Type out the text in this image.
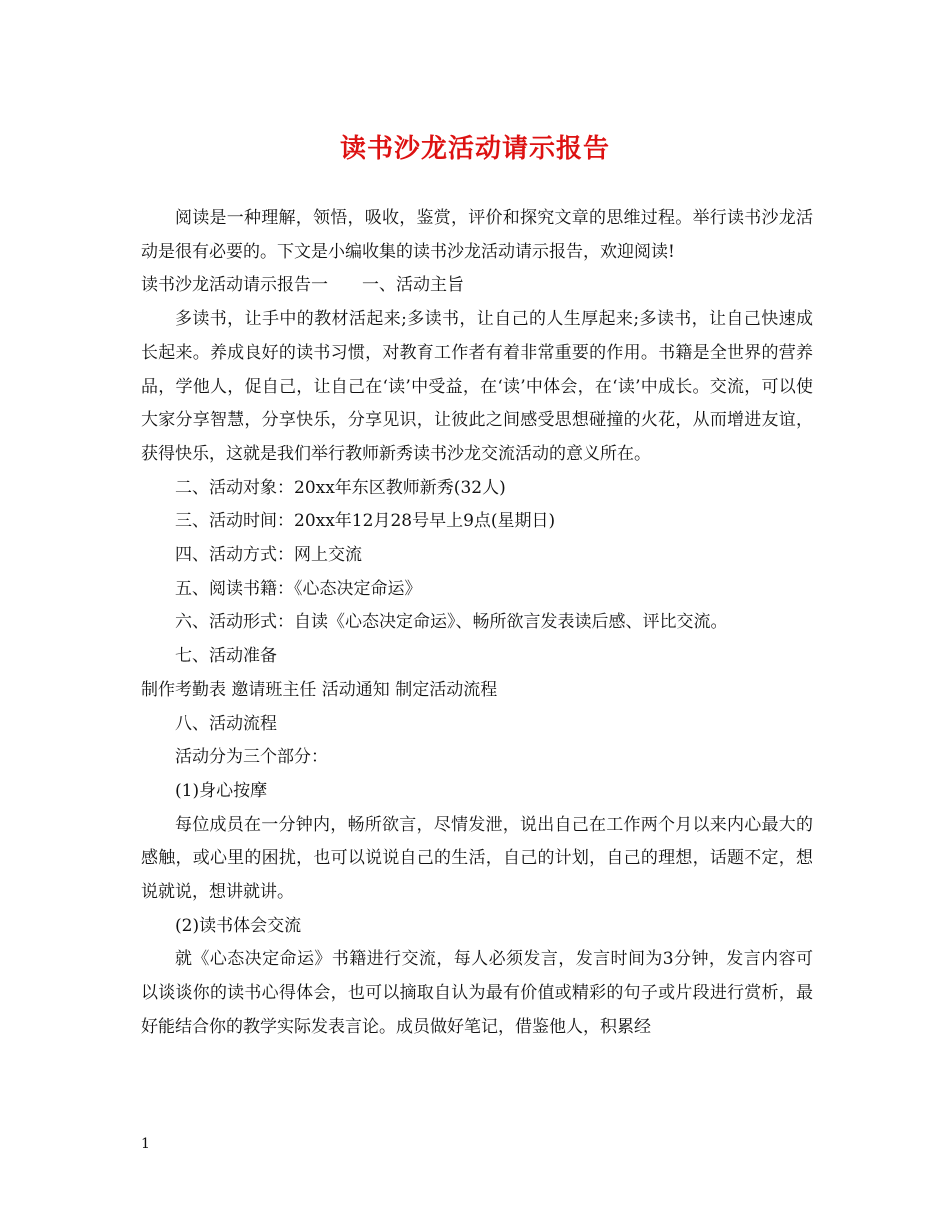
读书沙龙活动请示报告

阅读是一种理解，领悟，吸收，鉴赏，评价和探究文章的思维过程。举行读书沙龙活动是很有必要的。下文是小编收集的读书沙龙活动请示报告，欢迎阅读!

读书沙龙活动请示报告一　　一、活动主旨

多读书，让手中的教材活起来;多读书，让自己的人生厚起来;多读书，让自己快速成长起来。养成良好的读书习惯，对教育工作者有着非常重要的作用。书籍是全世界的营养品，学他人，促自己，让自己在‘读’中受益，在‘读’中体会，在‘读’中成长。交流，可以使大家分享智慧，分享快乐，分享见识，让彼此之间感受思想碰撞的火花，从而增进友谊，获得快乐，这就是我们举行教师新秀读书沙龙交流活动的意义所在。

二、活动对象：20xx年东区教师新秀(32人)

三、活动时间：20xx年12月28号早上9点(星期日)

四、活动方式：网上交流

五、阅读书籍：《心态决定命运》

六、活动形式：自读《心态决定命运》、畅所欲言发表读后感、评比交流。

七、活动准备

制作考勤表 邀请班主任 活动通知 制定活动流程

八、活动流程

活动分为三个部分：

(1)身心按摩

每位成员在一分钟内，畅所欲言，尽情发泄，说出自己在工作两个月以来内心最大的感触，或心里的困扰，也可以说说自己的生活，自己的计划，自己的理想，话题不定，想说就说，想讲就讲。

(2)读书体会交流

就《心态决定命运》书籍进行交流，每人必须发言，发言时间为3分钟，发言内容可以谈谈你的读书心得体会，也可以摘取自认为最有价值或精彩的句子或片段进行赏析，最好能结合你的教学实际发表言论。成员做好笔记，借鉴他人，积累经

1
